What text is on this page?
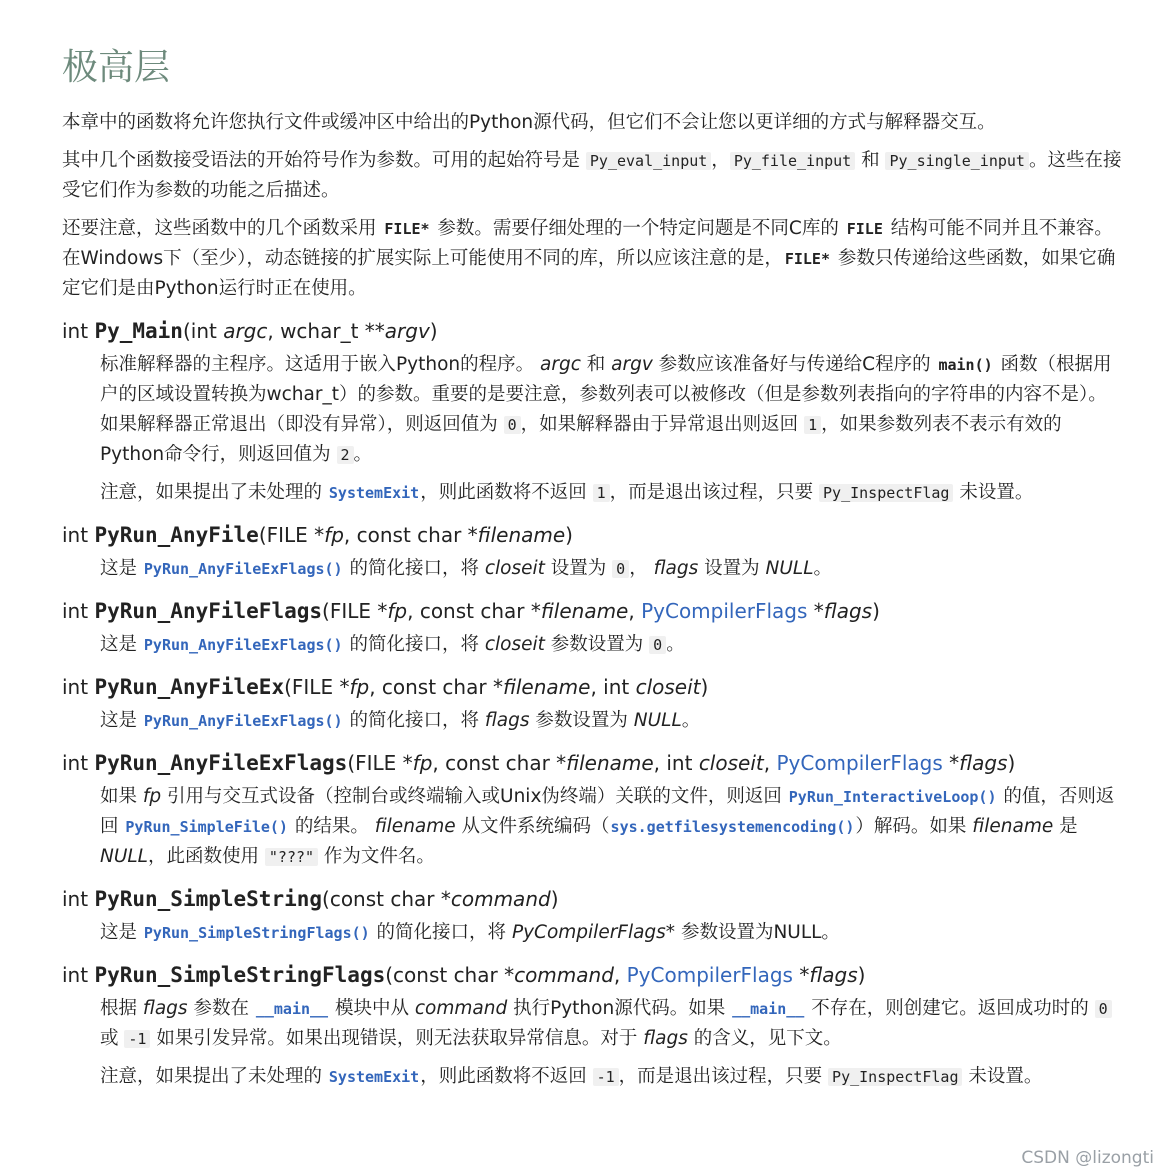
极高层

本章中的函数将允许您执行文件或缓冲区中给出的Python源代码，但它们不会让您以更详细的方式与解释器交互。

其中几个函数接受语法的开始符号作为参数。可用的起始符号是 Py_eval_input ， Py_file_input 和 Py_single_input 。这些在接受它们作为参数的功能之后描述。

还要注意，这些函数中的几个函数采用 FILE* 参数。需要仔细处理的一个特定问题是不同C库的 FILE 结构可能不同并且不兼容。在Windows下（至少），动态链接的扩展实际上可能使用不同的库，所以应该注意的是， FILE* 参数只传递给这些函数，如果它确定它们是由Python运行时正在使用。

int Py_Main(int argc, wchar_t **argv)

标准解释器的主程序。这适用于嵌入Python的程序。 argc 和 argv 参数应该准备好与传递给C程序的 main() 函数（根据用户的区域设置转换为wchar_t）的参数。重要的是要注意，参数列表可以被修改（但是参数列表指向的字符串的内容不是）。如果解释器正常退出（即没有异常），则返回值为 0 ，如果解释器由于异常退出则返回 1 ，如果参数列表不表示有效的Python命令行，则返回值为 2 。

注意，如果提出了未处理的 SystemExit，则此函数将不返回 1 ，而是退出该过程，只要 Py_InspectFlag 未设置。

int PyRun_AnyFile(FILE *fp, const char *filename)

这是 PyRun_AnyFileExFlags() 的简化接口，将 closeit 设置为 0 ， flags 设置为 NULL。

int PyRun_AnyFileFlags(FILE *fp, const char *filename, PyCompilerFlags *flags)

这是 PyRun_AnyFileExFlags() 的简化接口，将 closeit 参数设置为 0 。

int PyRun_AnyFileEx(FILE *fp, const char *filename, int closeit)

这是 PyRun_AnyFileExFlags() 的简化接口，将 flags 参数设置为 NULL。

int PyRun_AnyFileExFlags(FILE *fp, const char *filename, int closeit, PyCompilerFlags *flags)

如果 fp 引用与交互式设备（控制台或终端输入或Unix伪终端）关联的文件，则返回 PyRun_InteractiveLoop() 的值，否则返回 PyRun_SimpleFile() 的结果。 filename 从文件系统编码（sys.getfilesystemencoding()）解码。如果 filename 是 NULL，此函数使用 "???" 作为文件名。

int PyRun_SimpleString(const char *command)

这是 PyRun_SimpleStringFlags() 的简化接口，将 PyCompilerFlags* 参数设置为NULL。

int PyRun_SimpleStringFlags(const char *command, PyCompilerFlags *flags)

根据 flags 参数在 __main__ 模块中从 command 执行Python源代码。如果 __main__ 不存在，则创建它。返回成功时的 0 或 -1 如果引发异常。如果出现错误，则无法获取异常信息。对于 flags 的含义，见下文。

注意，如果提出了未处理的 SystemExit，则此函数将不返回 -1 ，而是退出该过程，只要 Py_InspectFlag 未设置。

CSDN @lizongti
